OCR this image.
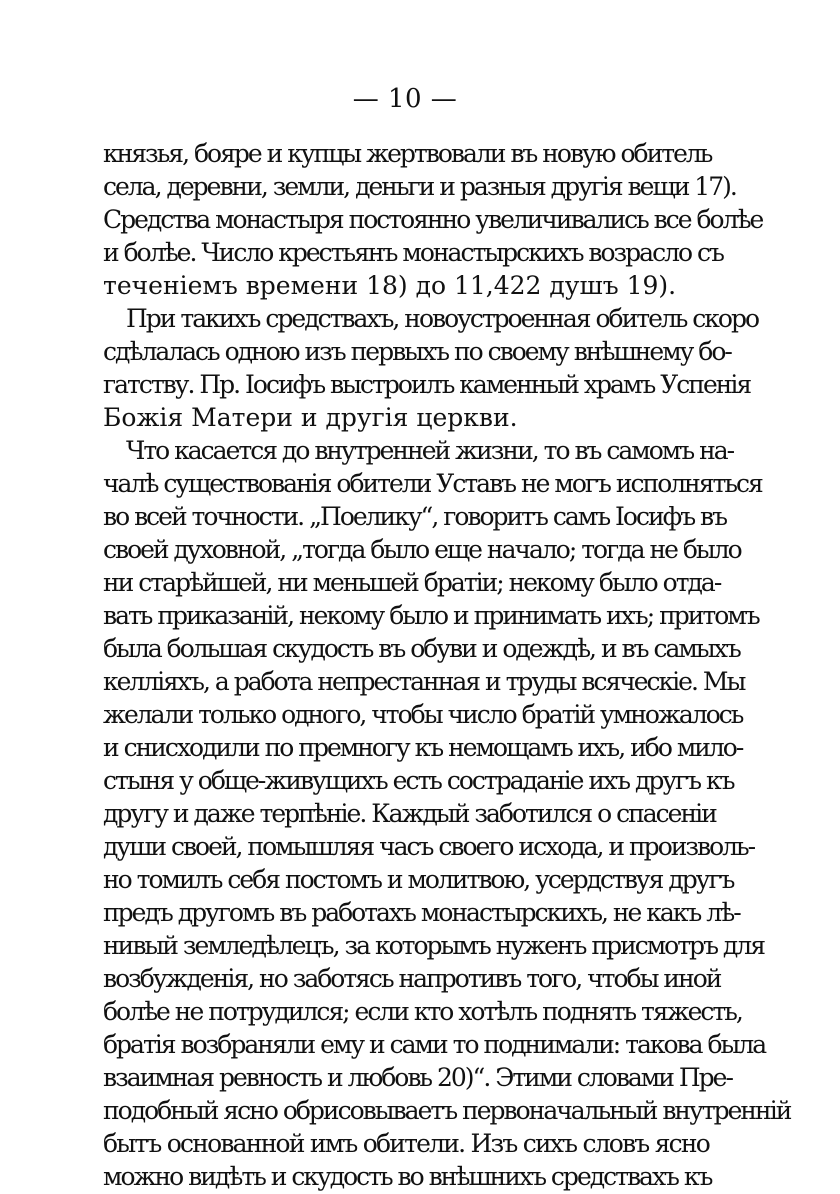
— 10 —
князья, бояре и купцы жертвовали въ новую обитель
села, деревни, земли, деньги и разныя другія вещи 17).
Средства монастыря постоянно увеличивались все болѣе
и болѣе. Число крестьянъ монастырскихъ возрасло съ
теченіемъ времени 18) до 11,422 душъ 19).
При такихъ средствахъ, новоустроенная обитель скоро
сдѣлалась одною изъ первыхъ по своему внѣшнему бо-
гатству. Пр. Іосифъ выстроилъ каменный храмъ Успенія
Божія Матери и другія церкви.
Что касается до внутренней жизни, то въ самомъ на-
чалѣ существованія обители Уставъ не могъ исполняться
во всей точности. „Поелику“, говоритъ самъ Іосифъ въ
своей духовной, „тогда было еще начало; тогда не было
ни старѣйшей, ни меньшей братіи; некому было отда-
вать приказаній, некому было и принимать ихъ; притомъ
была большая скудость въ обуви и одеждѣ, и въ самыхъ
келліяхъ, а работа непрестанная и труды всяческіе. Мы
желали только одного, чтобы число братій умножалось
и снисходили по премногу къ немощамъ ихъ, ибо мило-
стыня у обще-живущихъ есть состраданіе ихъ другъ къ
другу и даже терпѣніе. Каждый заботился о спасеніи
души своей, помышляя часъ своего исхода, и произволь-
но томилъ себя постомъ и молитвою, усердствуя другъ
предъ другомъ въ работахъ монастырскихъ, не какъ лѣ-
нивый земледѣлецъ, за которымъ нуженъ присмотръ для
возбужденія, но заботясь напротивъ того, чтобы иной
болѣе не потрудился; если кто хотѣлъ поднять тяжесть,
братія возбраняли ему и сами то поднимали: такова была
взаимная ревность и любовь 20)“. Этими словами Пре-
подобный ясно обрисовываетъ первоначальный внутренній
бытъ основанной имъ обители. Изъ сихъ словъ ясно
можно видѣть и скудость во внѣшнихъ средствахъ къ
